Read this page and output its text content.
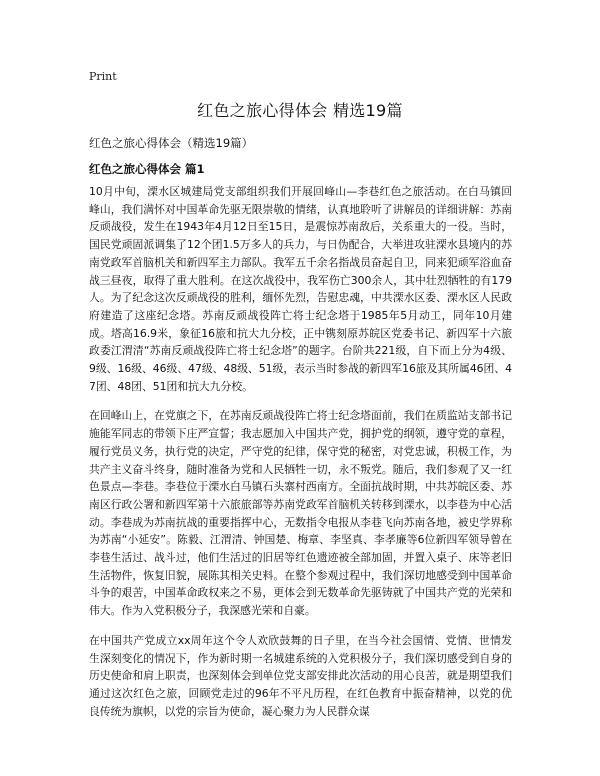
Print
红色之旅心得体会 精选19篇

红色之旅心得体会（精选19篇）

红色之旅心得体会 篇1

10月中旬，溧水区城建局党支部组织我们开展回峰山—李巷红色之旅活动。在白马镇回峰山，我们满怀对中国革命先驱无限崇敬的情绪，认真地聆听了讲解员的详细讲解：苏南反顽战役，发生在1943年4月12日至15日，是震惊苏南敌后，关系重大的一役。当时，国民党顽固派调集了12个团1.5万多人的兵力，与日伪配合，大举进攻驻溧水县境内的苏南党政军首脑机关和新四军主力部队。我军五千余名指战员奋起自卫，同来犯顽军浴血奋战三昼夜，取得了重大胜利。在这次战役中，我军伤亡300余人，其中壮烈牺牲的有179人。为了纪念这次反顽战役的胜利，缅怀先烈，告慰忠魂，中共溧水区委、溧水区人民政府建造了这座纪念塔。苏南反顽战役阵亡将士纪念塔于1985年5月动工，同年10月建成。塔高16.9米，象征16旅和抗大九分校，正中镌刻原苏皖区党委书记、新四军十六旅政委江渭清“苏南反顽战役阵亡将士纪念塔”的题字。台阶共221级，自下而上分为4级、9级、16级、46级、47级、48级、51级，表示当时参战的新四军16旅及其所属46团、47团、48团、51团和抗大九分校。

在回峰山上，在党旗之下，在苏南反顽战役阵亡将士纪念塔面前，我们在质监站支部书记施能军同志的带领下庄严宣誓；我志愿加入中国共产党，拥护党的纲领，遵守党的章程，履行党员义务，执行党的决定，严守党的纪律，保守党的秘密，对党忠诚，积极工作，为共产主义奋斗终身，随时准备为党和人民牺牲一切，永不叛党。随后，我们参观了又一红色景点—李巷。李巷位于溧水白马镇石头寨村西南方。全面抗战时期，中共苏皖区委、苏南区行政公署和新四军第十六旅旅部等苏南党政军首脑机关转移到溧水，以李巷为中心活动。李巷成为苏南抗战的重要指挥中心，无数指令电报从李巷飞向苏南各地，被史学界称为苏南“小延安”。陈毅、江渭清、钟国楚、梅章、李坚真、李孝廉等6位新四军领导曾在李巷生活过、战斗过，他们生活过的旧居等红色遗迹被全部加固，并置入桌子、床等老旧生活物件，恢复旧貌，展陈其相关史料。在整个参观过程中，我们深切地感受到中国革命斗争的艰苦，中国革命政权来之不易，更体会到无数革命先驱铸就了中国共产党的光荣和伟大。作为入党积极分子，我深感光荣和自豪。

在中国共产党成立xx周年这个令人欢欣鼓舞的日子里，在当今社会国情、党情、世情发生深刻变化的情况下，作为新时期一名城建系统的入党积极分子，我们深切感受到自身的历史使命和肩上职责，也深刻体会到单位党支部安排此次活动的用心良苦，就是期望我们通过这次红色之旅，回顾党走过的96年不平凡历程，在红色教育中振奋精神，以党的优良传统为旗帜，以党的宗旨为使命，凝心聚力为人民群众谋
